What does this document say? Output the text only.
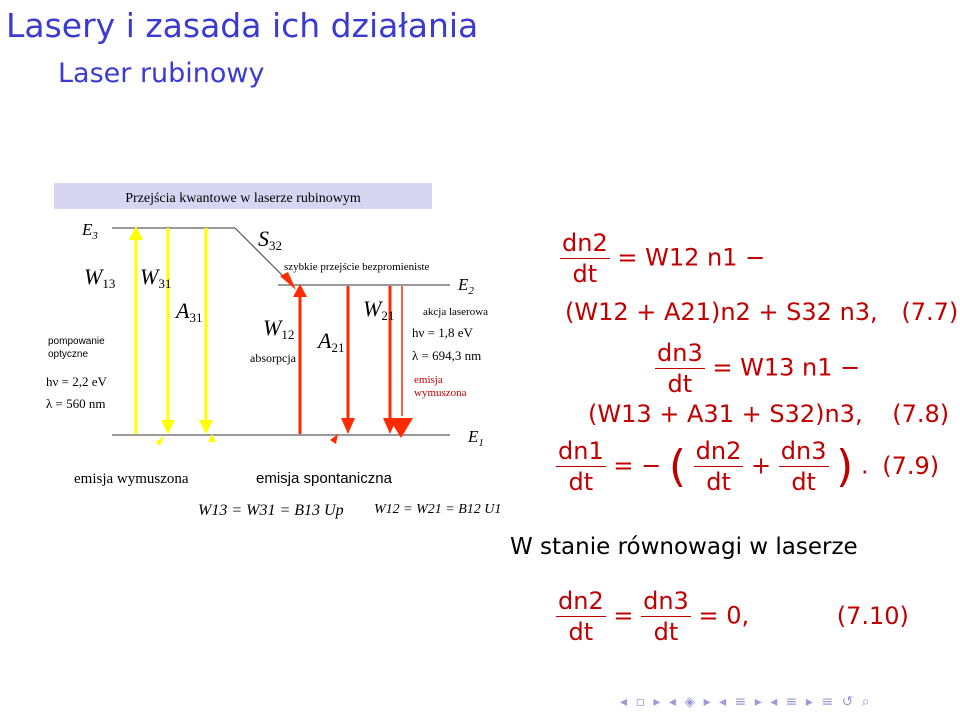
Lasery i zasada ich działania
Laser rubinowy
Przejścia kwantowe w laserze rubinowym
$E_3$
$E_2$
$E_1$
W13 W31
A31
S32
W12 A21
W21
pompowanie
optyczne
hν = 2,2 eV
λ = 560 nm
szybkie przejście bezpromieniste
absorpcja
akcja laserowa
hν = 1,8 eV
λ = 694,3 nm
emisja
wymuszona
emisja wymuszona	emisja spontaniczna
W13 = W31 = B13 Up W12 = W21 = B12 U1
$\frac{dn2}{dt} = W12$ n1 −
(W12 + A21)n2 + S32 n3, (7.7)
$\frac{dn3}{dt} = W13$ n1 −
(W13 + A31 + S32)n3, (7.8)
$\frac{dn1}{dt}$ = − ( $\frac{dn2}{dt} + \frac{dn3}{dt}$ ) . (7.9)
W stanie równowagi w laserze
$\frac{dn2}{dt} = \frac{dn3}{dt} = 0$,	(7.10)
◂ ▫ ▸ ◂ ◈ ▸ ◂ ≡ ▸ ◂ ≡ ▸ ≡ ↺ ⌕
